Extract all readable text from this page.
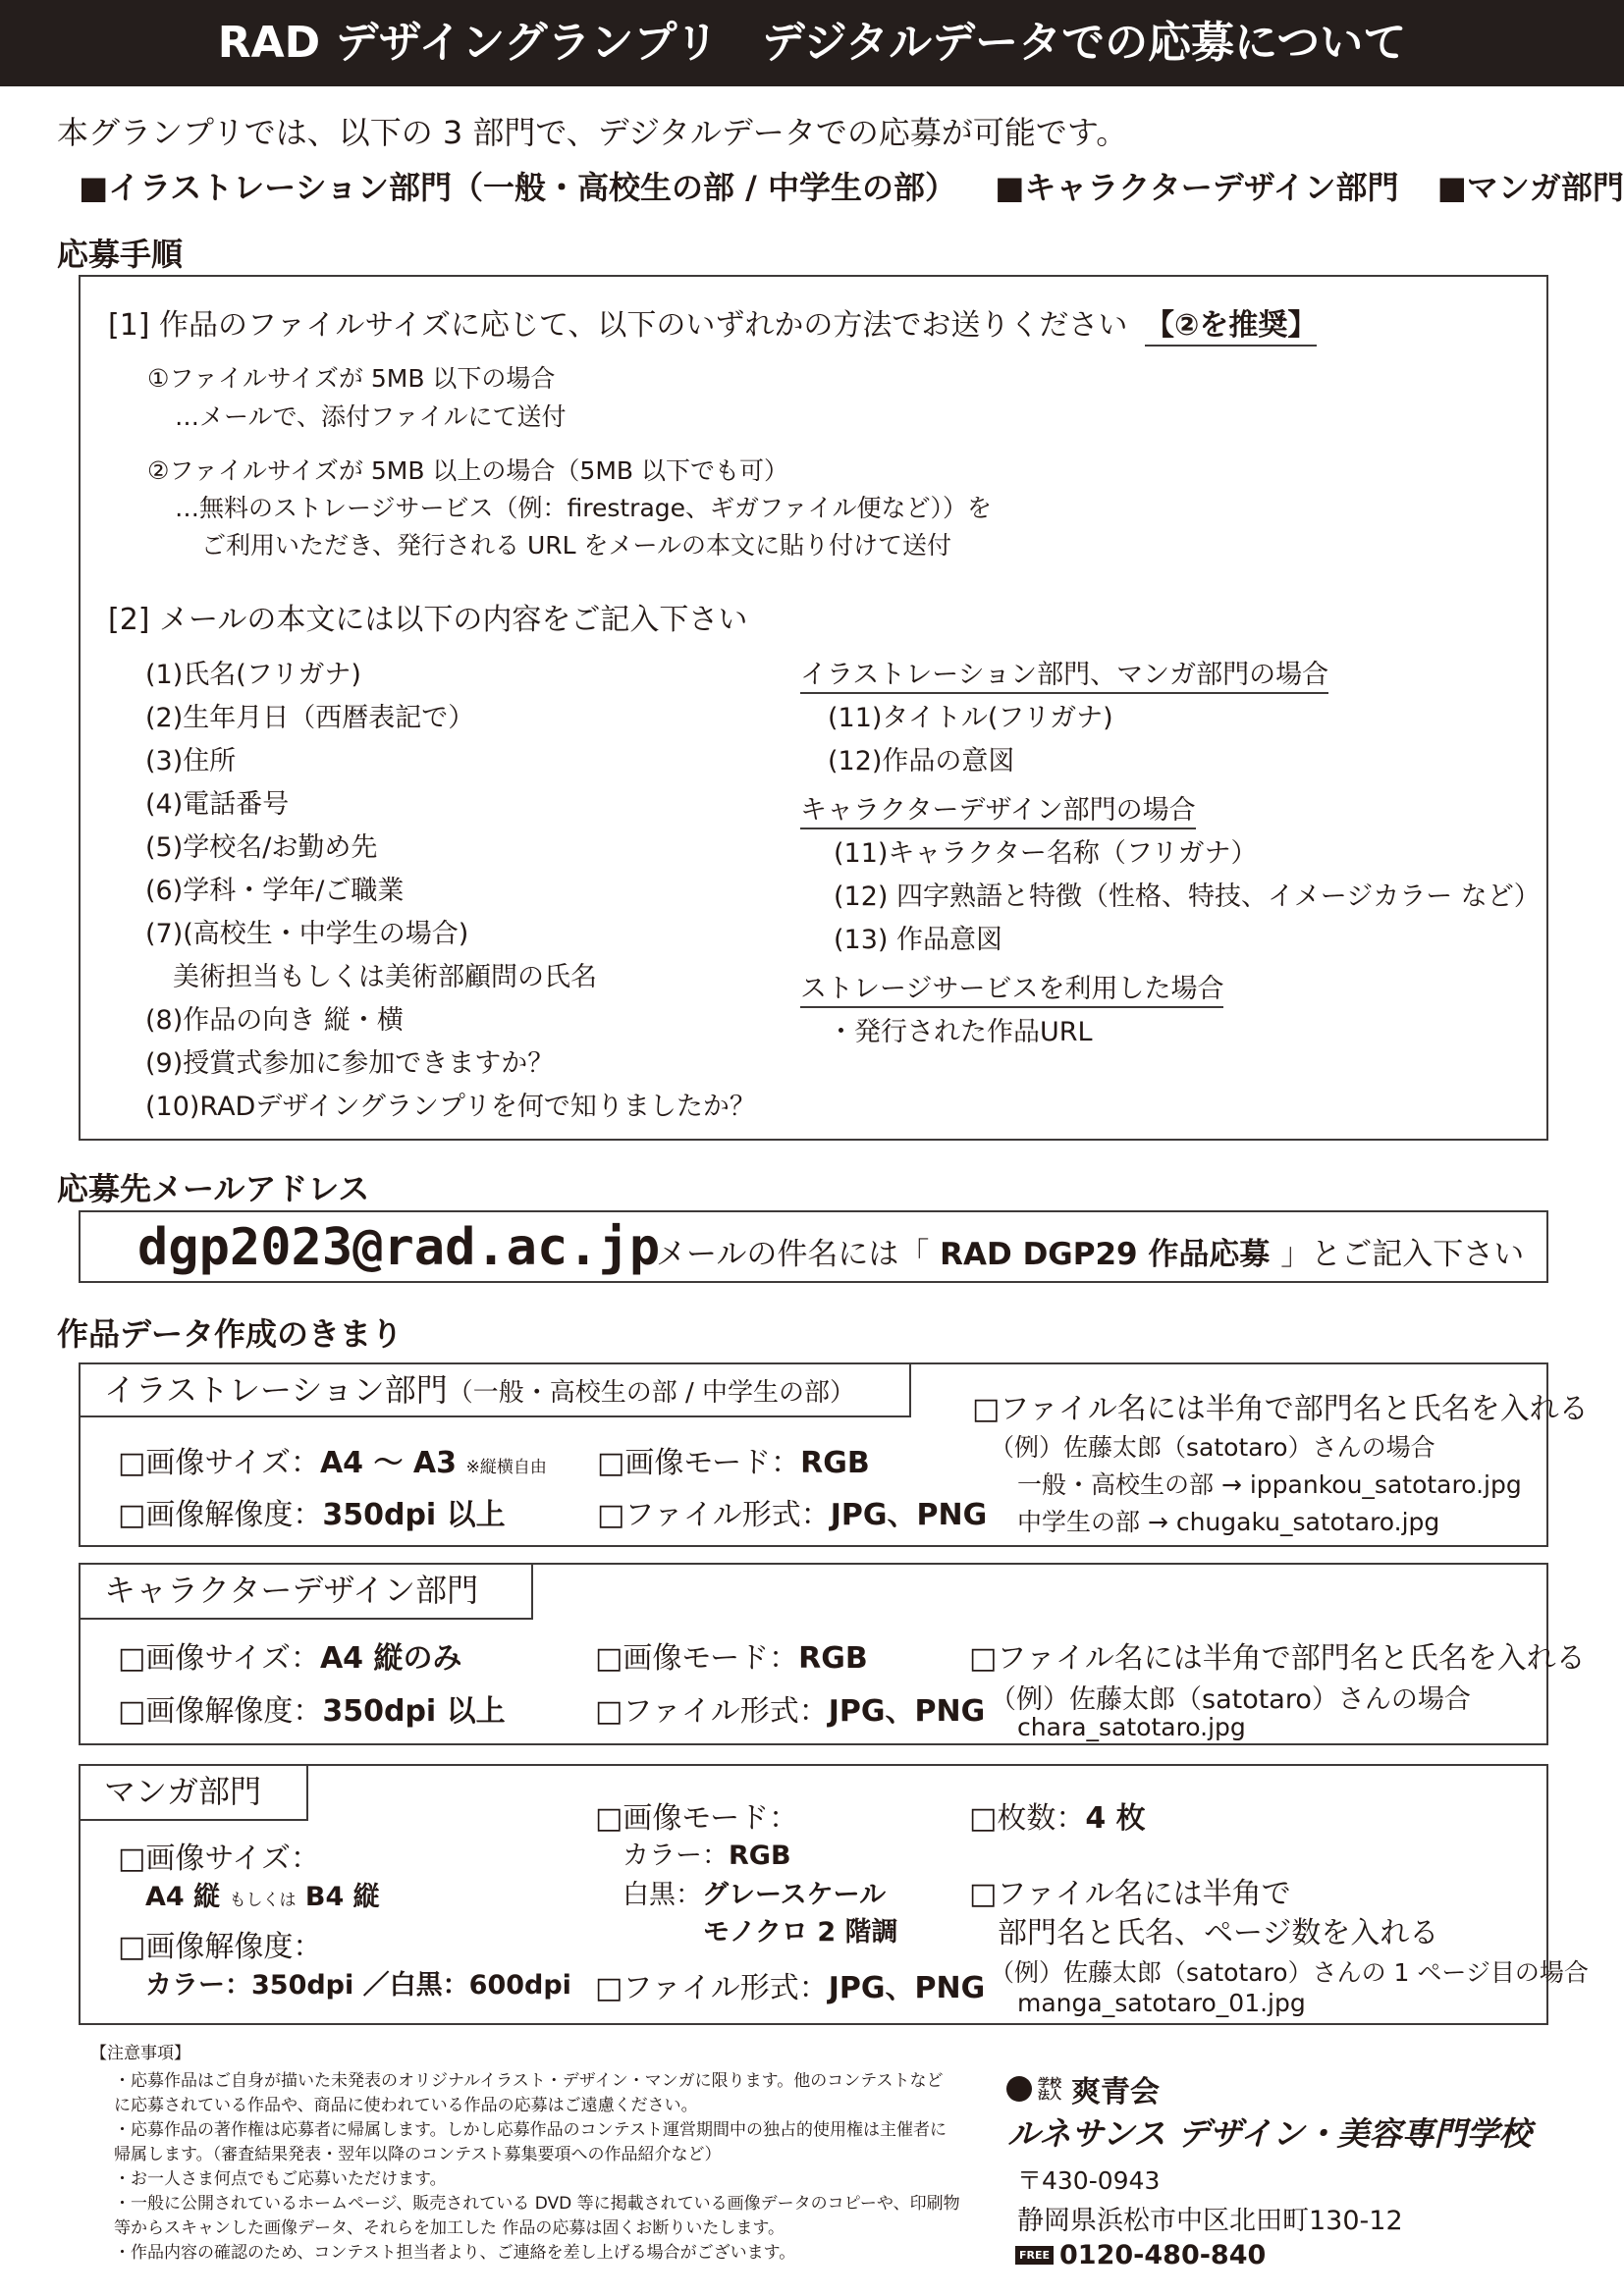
RAD デザイングランプリ　デジタルデータでの応募について
本グランプリでは、以下の 3 部門で、デジタルデータでの応募が可能です。
■イラストレーション部門（一般・高校生の部 / 中学生の部） ■キャラクターデザイン部門 ■マンガ部門
応募手順
[1] 作品のファイルサイズに応じて、以下のいずれかの方法でお送りください 【②を推奨】
①ファイルサイズが 5MB 以下の場合
…メールで、添付ファイルにて送付
②ファイルサイズが 5MB 以上の場合（5MB 以下でも可）
…無料のストレージサービス（例：firestrage、ギガファイル便など））を
ご利用いただき、発行される URL をメールの本文に貼り付けて送付
[2] メールの本文には以下の内容をご記入下さい
(1)氏名(フリガナ)
(2)生年月日（西暦表記で）
(3)住所
(4)電話番号
(5)学校名/お勤め先
(6)学科・学年/ご職業
(7)(高校生・中学生の場合)
美術担当もしくは美術部顧問の氏名
(8)作品の向き 縦・横
(9)授賞式参加に参加できますか？
(10)RADデザイングランプリを何で知りましたか？
イラストレーション部門、マンガ部門の場合
(11)タイトル(フリガナ)
(12)作品の意図
キャラクターデザイン部門の場合
(11)キャラクター名称（フリガナ）
(12) 四字熟語と特徴（性格、特技、イメージカラー など）
(13) 作品意図
ストレージサービスを利用した場合
・発行された作品URL
応募先メールアドレス
dgp2023@rad.ac.jp
メールの件名には「 RAD DGP29 作品応募 」とご記入下さい
作品データ作成のきまり
イラストレーション部門（一般・高校生の部 / 中学生の部）
□画像サイズ：A4 ～ A3 ※縦横自由
□画像解像度：350dpi 以上
□画像モード：RGB
□ファイル形式：JPG、PNG
□ファイル名には半角で部門名と氏名を入れる
（例）佐藤太郎（satotaro）さんの場合
一般・高校生の部 → ippankou_satotaro.jpg
中学生の部 → chugaku_satotaro.jpg
キャラクターデザイン部門
□画像サイズ：A4 縦のみ
□画像解像度：350dpi 以上
□画像モード：RGB
□ファイル形式：JPG、PNG
□ファイル名には半角で部門名と氏名を入れる
（例）佐藤太郎（satotaro）さんの場合
chara_satotaro.jpg
マンガ部門
□画像サイズ：
A4 縦 もしくは B4 縦
□画像解像度：
カラー：350dpi ／白黒：600dpi
□画像モード：
カラー：RGB
白黒：グレースケール
モノクロ 2 階調
□ファイル形式：JPG、PNG
□枚数：4 枚
□ファイル名には半角で
部門名と氏名、ページ数を入れる
（例）佐藤太郎（satotaro）さんの 1 ページ目の場合
manga_satotaro_01.jpg
【注意事項】
・応募作品はご自身が描いた未発表のオリジナルイラスト・デザイン・マンガに限ります。他のコンテストなど
に応募されている作品や、商品に使われている作品の応募はご遠慮ください。
・応募作品の著作権は応募者に帰属します。しかし応募作品のコンテスト運営期間中の独占的使用権は主催者に
帰属します。（審査結果発表・翌年以降のコンテスト募集要項への作品紹介など）
・お一人さま何点でもご応募いただけます。
・一般に公開されているホームページ、販売されている DVD 等に掲載されている画像データのコピーや、印刷物
等からスキャンした画像データ、それらを加工した 作品の応募は固くお断りいたします。
・作品内容の確認のため、コンテスト担当者より、ご連絡を差し上げる場合がございます。
学校法人 爽青会
ルネサンス デザイン・美容専門学校
〒430-0943
静岡県浜松市中区北田町130-12
FREE 0120-480-840
